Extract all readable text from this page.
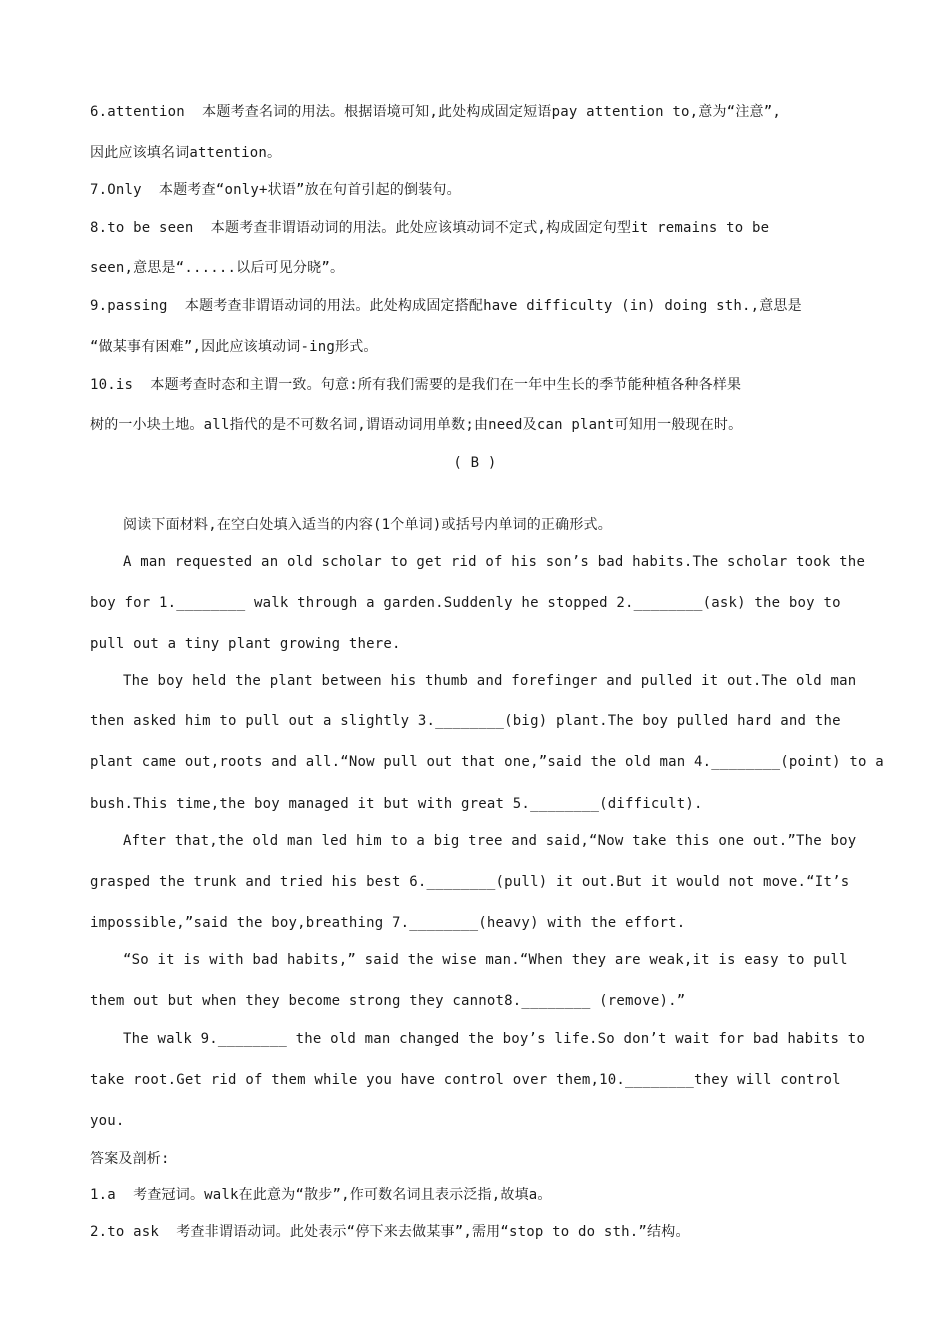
6.attention  本题考查名词的用法。根据语境可知,此处构成固定短语pay attention to,意为“注意”,
因此应该填名词attention。
7.Only  本题考查“only+状语”放在句首引起的倒装句。
8.to be seen  本题考查非谓语动词的用法。此处应该填动词不定式,构成固定句型it remains to be
seen,意思是“......以后可见分晓”。
9.passing  本题考查非谓语动词的用法。此处构成固定搭配have difficulty (in) doing sth.,意思是
“做某事有困难”,因此应该填动词-ing形式。
10.is  本题考查时态和主谓一致。句意:所有我们需要的是我们在一年中生长的季节能种植各种各样果
树的一小块土地。all指代的是不可数名词,谓语动词用单数;由need及can plant可知用一般现在时。
( B )
阅读下面材料,在空白处填入适当的内容(1个单词)或括号内单词的正确形式。
A man requested an old scholar to get rid of his son’s bad habits.The scholar took the
boy for 1.________ walk through a garden.Suddenly he stopped 2.________(ask) the boy to
pull out a tiny plant growing there.
The boy held the plant between his thumb and forefinger and pulled it out.The old man
then asked him to pull out a slightly 3.________(big) plant.The boy pulled hard and the
plant came out,roots and all.“Now pull out that one,”said the old man 4.________(point) to a
bush.This time,the boy managed it but with great 5.________(difficult).
After that,the old man led him to a big tree and said,“Now take this one out.”The boy
grasped the trunk and tried his best 6.________(pull) it out.But it would not move.“It’s
impossible,”said the boy,breathing 7.________(heavy) with the effort.
“So it is with bad habits,” said the wise man.“When they are weak,it is easy to pull
them out but when they become strong they cannot8.________ (remove).”
The walk 9.________ the old man changed the boy’s life.So don’t wait for bad habits to
take root.Get rid of them while you have control over them,10.________they will control
you.
答案及剖析:
1.a  考查冠词。walk在此意为“散步”,作可数名词且表示泛指,故填a。
2.to ask  考查非谓语动词。此处表示“停下来去做某事”,需用“stop to do sth.”结构。
